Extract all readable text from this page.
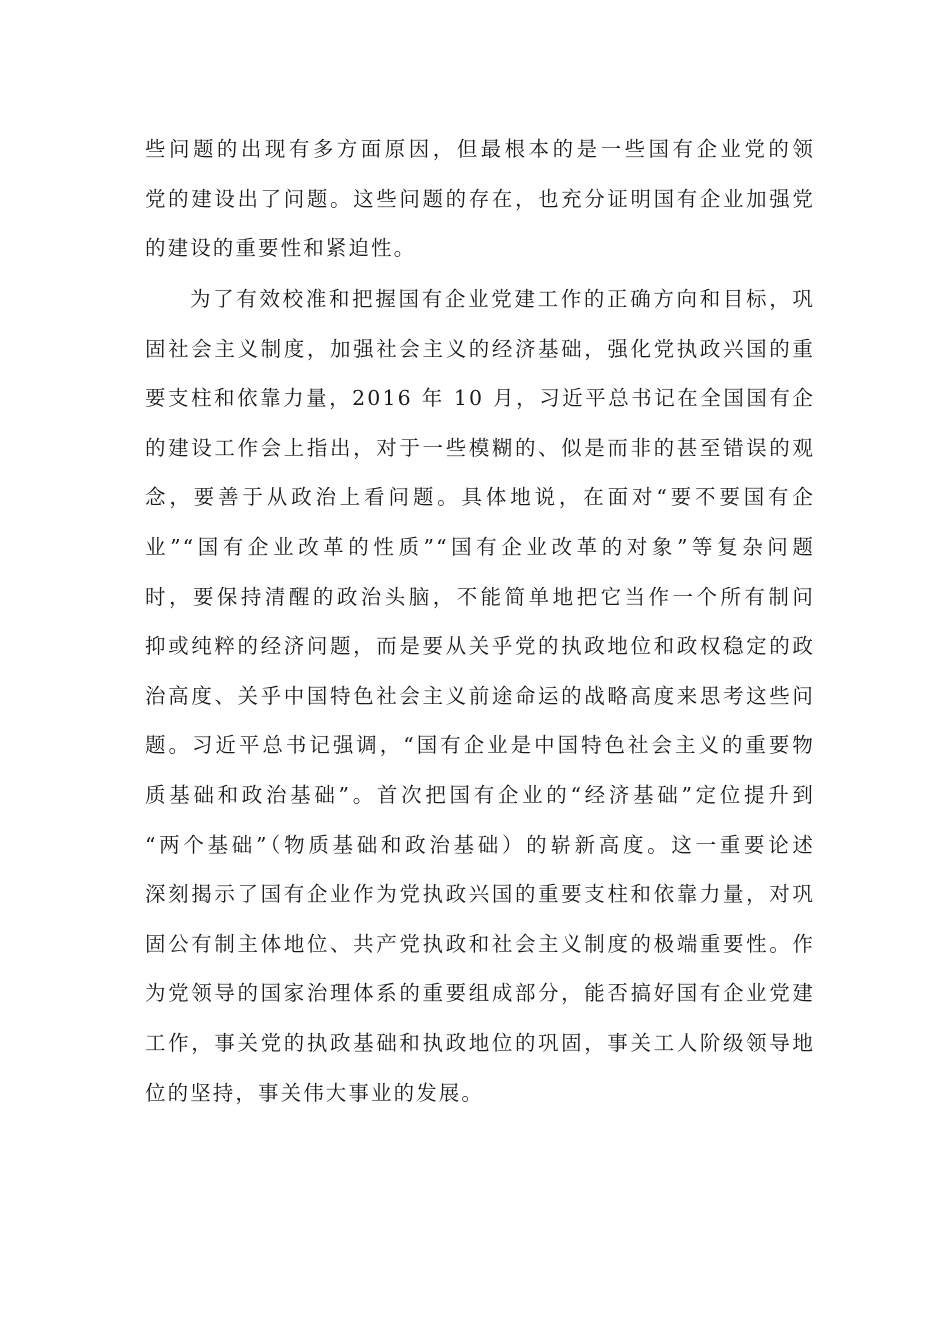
些问题的出现有多方面原因，但最根本的是一些国有企业党的领
党的建设出了问题。这些问题的存在，也充分证明国有企业加强党
的建设的重要性和紧迫性。
为了有效校准和把握国有企业党建工作的正确方向和目标，巩
固社会主义制度，加强社会主义的经济基础，强化党执政兴国的重
要支柱和依靠力量，2016 年 10 月，习近平总书记在全国国有企
的建设工作会上指出，对于一些模糊的、似是而非的甚至错误的观
念，要善于从政治上看问题。具体地说，在面对“要不要国有企
业”“国有企业改革的性质”“国有企业改革的对象”等复杂问题
时，要保持清醒的政治头脑，不能简单地把它当作一个所有制问
抑或纯粹的经济问题，而是要从关乎党的执政地位和政权稳定的政
治高度、关乎中国特色社会主义前途命运的战略高度来思考这些问
题。习近平总书记强调，“国有企业是中国特色社会主义的重要物
质基础和政治基础”。首次把国有企业的“经济基础”定位提升到
“两个基础”（物质基础和政治基础）的崭新高度。这一重要论述
深刻揭示了国有企业作为党执政兴国的重要支柱和依靠力量，对巩
固公有制主体地位、共产党执政和社会主义制度的极端重要性。作
为党领导的国家治理体系的重要组成部分，能否搞好国有企业党建
工作，事关党的执政基础和执政地位的巩固，事关工人阶级领导地
位的坚持，事关伟大事业的发展。
